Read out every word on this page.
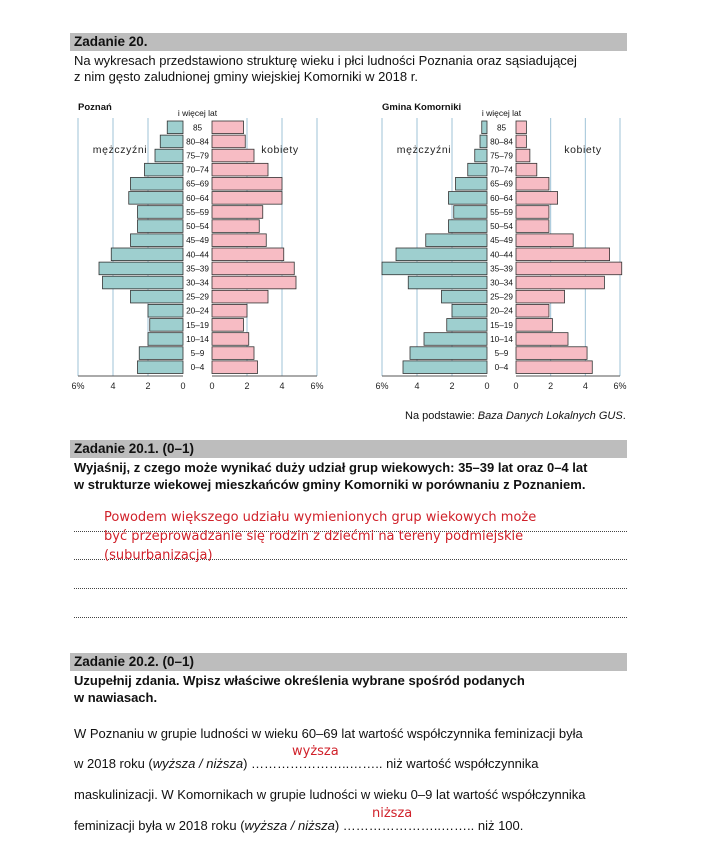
Zadanie 20.
Na wykresach przedstawiono strukturę wieku i płci ludności Poznania oraz sąsiadującej
z nim gęsto zaludnionej gminy wiejskiej Komorniki w 2018 r.
6%	4	2	0	0	2	4	6%
0–4
5–9
10–14
15–19
20–24
25–29
30–34
35–39
40–44
45–49
50–54
55–59
60–64
65–69
70–74
75–79
80–84
85
Poznań	i więcej lat
mężczyźni	kobiety
6%	4	2	0	0	2	4	6%
0–4
5–9
10–14
15–19
20–24
25–29
30–34
35–39
40–44
45–49
50–54
55–59
60–64
65–69
70–74
75–79
80–84
85
Gmina Komorniki i więcej lat
mężczyźni	kobiety
Na podstawie: Baza Danych Lokalnych GUS.
Zadanie 20.1. (0–1)
Wyjaśnij, z czego może wynikać duży udział grup wiekowych: 35–39 lat oraz 0–4 lat
w strukturze wiekowej mieszkańców gminy Komorniki w porównaniu z Poznaniem.
Powodem większego udziału wymienionych grup wiekowych może
być przeprowadzanie się rodzin z dziećmi na tereny podmiejskie
(suburbanizacja)
Zadanie 20.2. (0–1)
Uzupełnij zdania. Wpisz właściwe określenia wybrane spośród podanych
w nawiasach.
W Poznaniu w grupie ludności w wieku 60–69 lat wartość współczynnika feminizacji była
w 2018 roku (wyższa / niższa) …………………..…….. niż wartość współczynnika
wyższa
maskulinizacji. W Komornikach w grupie ludności w wieku 0–9 lat wartość współczynnika
feminizacji była w 2018 roku (wyższa / niższa) …………………..…….. niż 100.
niższa
